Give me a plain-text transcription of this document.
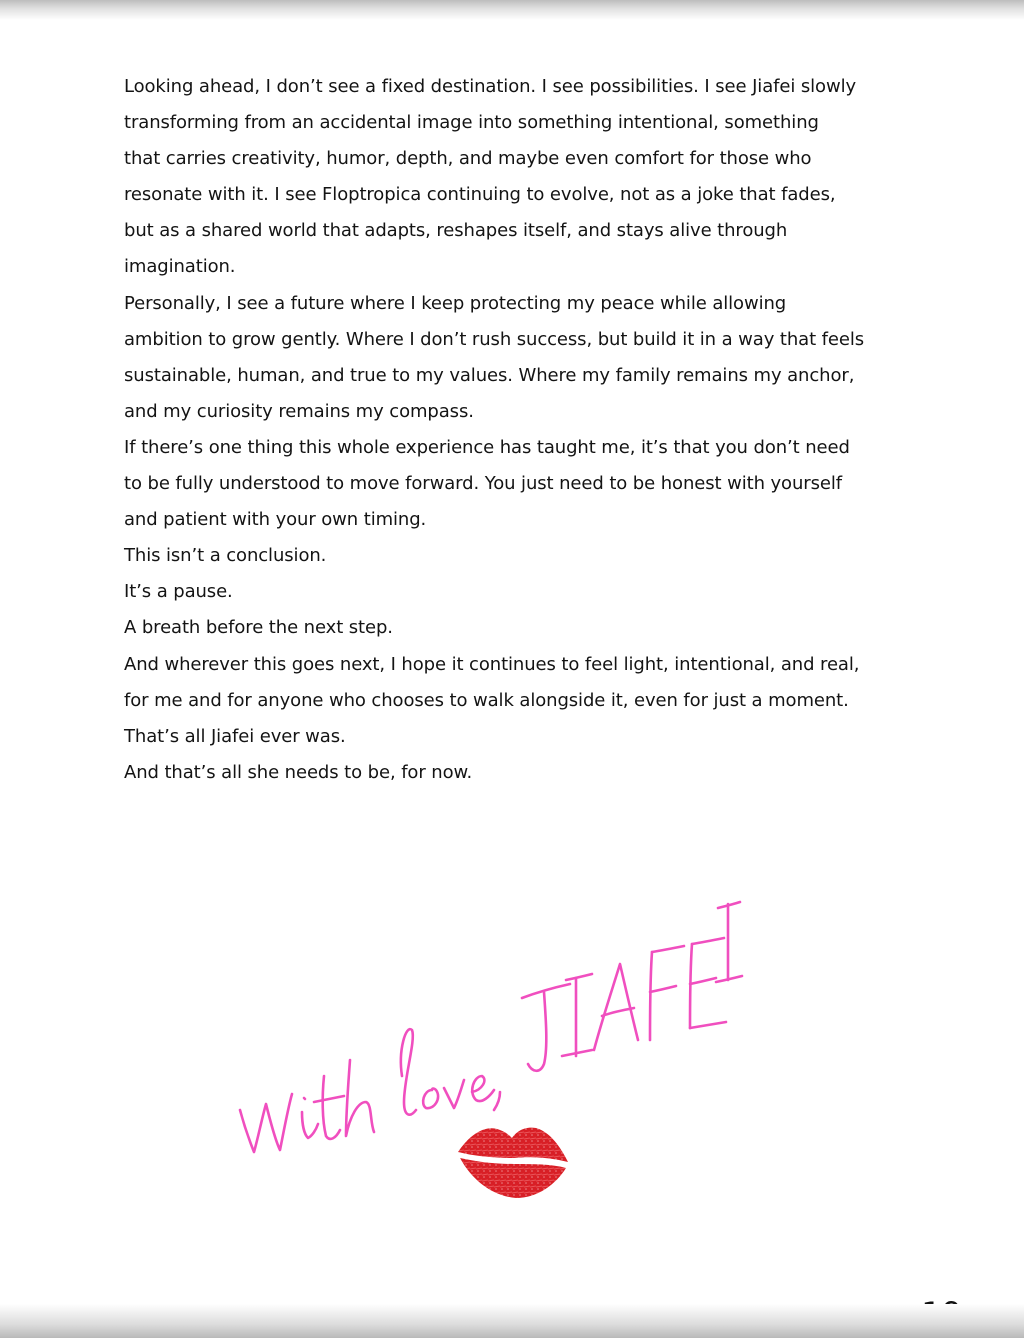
Looking ahead, I don’t see a fixed destination. I see possibilities. I see Jiafei slowly
transforming from an accidental image into something intentional, something
that carries creativity, humor, depth, and maybe even comfort for those who
resonate with it. I see Floptropica continuing to evolve, not as a joke that fades,
but as a shared world that adapts, reshapes itself, and stays alive through
imagination.
Personally, I see a future where I keep protecting my peace while allowing
ambition to grow gently. Where I don’t rush success, but build it in a way that feels
sustainable, human, and true to my values. Where my family remains my anchor,
and my curiosity remains my compass.
If there’s one thing this whole experience has taught me, it’s that you don’t need
to be fully understood to move forward. You just need to be honest with yourself
and patient with your own timing.
This isn’t a conclusion.
It’s a pause.
A breath before the next step.
And wherever this goes next, I hope it continues to feel light, intentional, and real,
for me and for anyone who chooses to walk alongside it, even for just a moment.
That’s all Jiafei ever was.
And that’s all she needs to be, for now.
